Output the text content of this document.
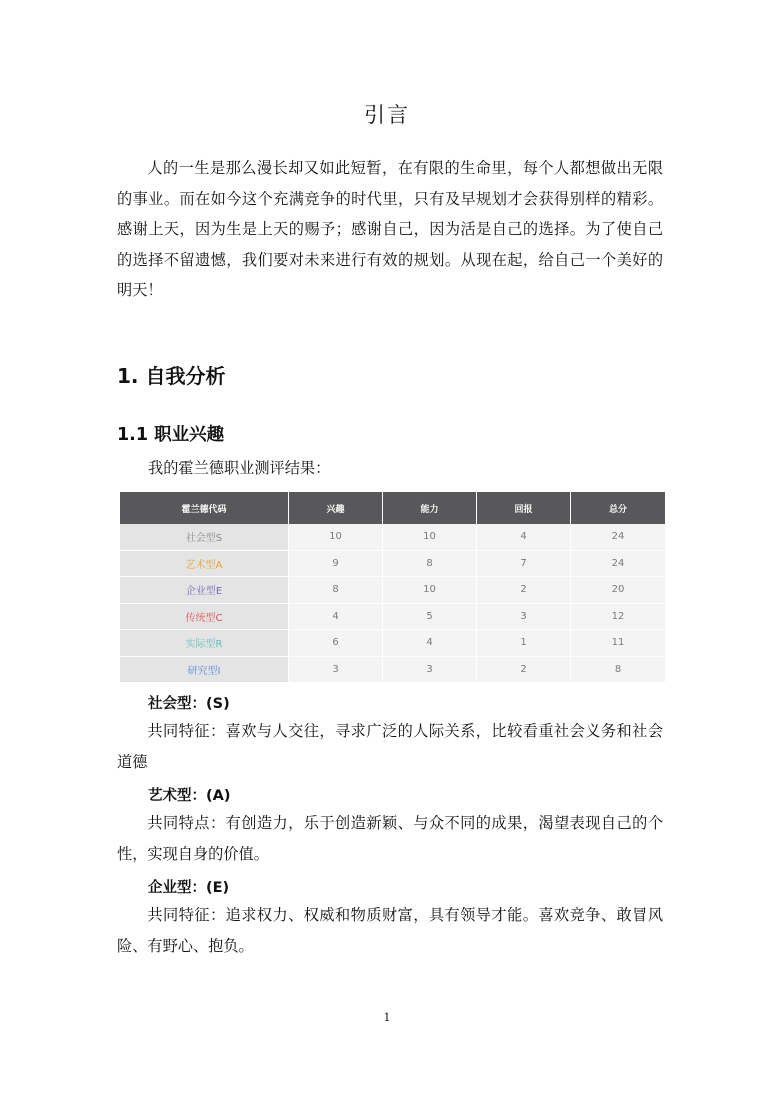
引言

人的一生是那么漫长却又如此短暂，在有限的生命里，每个人都想做出无限的事业。而在如今这个充满竞争的时代里，只有及早规划才会获得别样的精彩。感谢上天，因为生是上天的赐予；感谢自己，因为活是自己的选择。为了使自己的选择不留遗憾，我们要对未来进行有效的规划。从现在起，给自己一个美好的明天！

1. 自我分析
1.1 职业兴趣
我的霍兰德职业测评结果：
霍兰德代码	兴趣	能力	回报	总分
社会型S	10	10	4	24
艺术型A	9	8	7	24
企业型E	8	10	2	20
传统型C	4	5	3	12
实际型R	6	4	1	11
研究型I	3	3	2	8
社会型：(S)

共同特征：喜欢与人交往，寻求广泛的人际关系，比较看重社会义务和社会道德

艺术型：(A)

共同特点：有创造力，乐于创造新颖、与众不同的成果，渴望表现自己的个性，实现自身的价值。

企业型：(E)

共同特征：追求权力、权威和物质财富，具有领导才能。喜欢竞争、敢冒风险、有野心、抱负。

1
